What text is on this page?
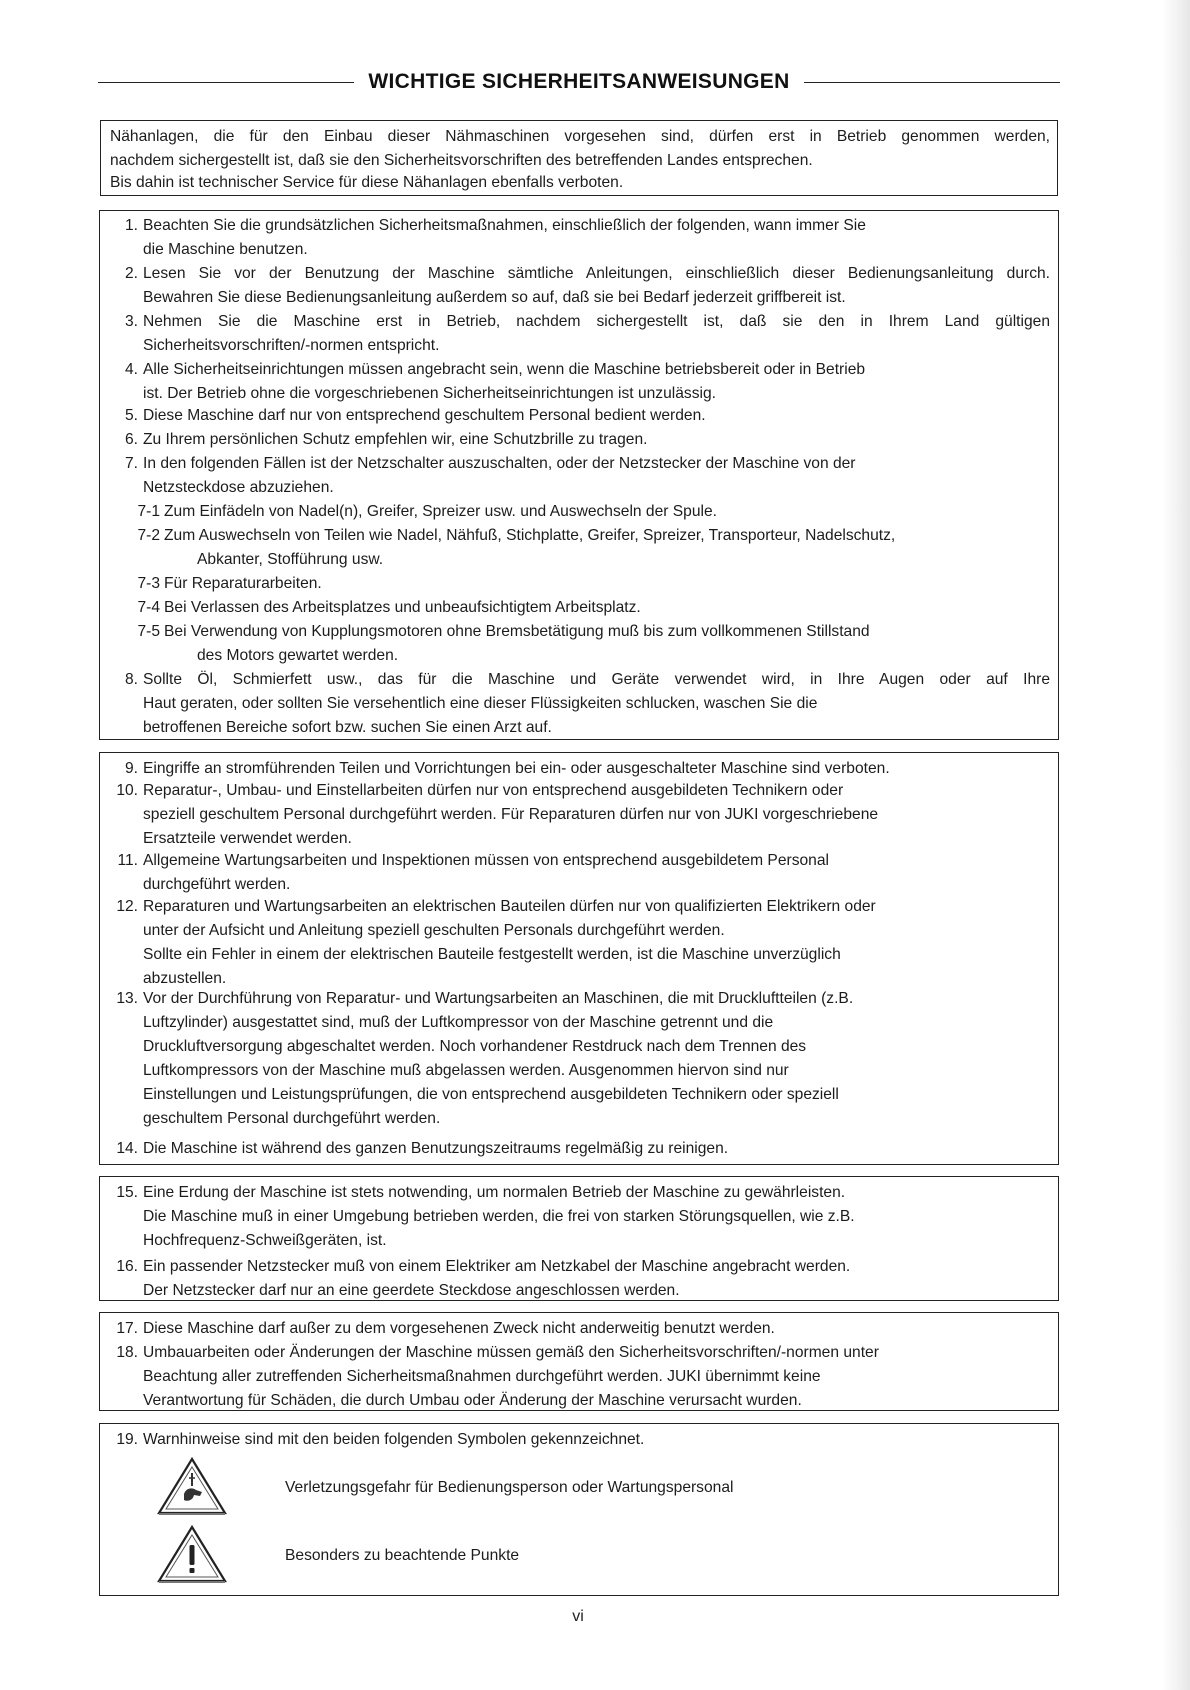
WICHTIGE SICHERHEITSANWEISUNGEN
Nähanlagen, die für den Einbau dieser Nähmaschinen vorgesehen sind, dürfen erst in Betrieb genommen werden,
nachdem sichergestellt ist, daß sie den Sicherheitsvorschriften des betreffenden Landes entsprechen.
Bis dahin ist technischer Service für diese Nähanlagen ebenfalls verboten.
1. Beachten Sie die grundsätzlichen Sicherheitsmaßnahmen, einschließlich der folgenden, wann immer Sie
die Maschine benutzen.
2. Lesen Sie vor der Benutzung der Maschine sämtliche Anleitungen, einschließlich dieser Bedienungsanleitung durch.
Bewahren Sie diese Bedienungsanleitung außerdem so auf, daß sie bei Bedarf jederzeit griffbereit ist.
3. Nehmen Sie die Maschine erst in Betrieb, nachdem sichergestellt ist, daß sie den in Ihrem Land gültigen
Sicherheitsvorschriften/-normen entspricht.
4. Alle Sicherheitseinrichtungen müssen angebracht sein, wenn die Maschine betriebsbereit oder in Betrieb
ist. Der Betrieb ohne die vorgeschriebenen Sicherheitseinrichtungen ist unzulässig.
5. Diese Maschine darf nur von entsprechend geschultem Personal bedient werden.
6. Zu Ihrem persönlichen Schutz empfehlen wir, eine Schutzbrille zu tragen.
7. In den folgenden Fällen ist der Netzschalter auszuschalten, oder der Netzstecker der Maschine von der
Netzsteckdose abzuziehen.
7-1 Zum Einfädeln von Nadel(n), Greifer, Spreizer usw. und Auswechseln der Spule.
7-2 Zum Auswechseln von Teilen wie Nadel, Nähfuß, Stichplatte, Greifer, Spreizer, Transporteur, Nadelschutz,
Abkanter, Stofführung usw.
7-3 Für Reparaturarbeiten.
7-4 Bei Verlassen des Arbeitsplatzes und unbeaufsichtigtem Arbeitsplatz.
7-5 Bei Verwendung von Kupplungsmotoren ohne Bremsbetätigung muß bis zum vollkommenen Stillstand
des Motors gewartet werden.
8. Sollte Öl, Schmierfett usw., das für die Maschine und Geräte verwendet wird, in Ihre Augen oder auf Ihre
Haut geraten, oder sollten Sie versehentlich eine dieser Flüssigkeiten schlucken, waschen Sie die
betroffenen Bereiche sofort bzw. suchen Sie einen Arzt auf.
9. Eingriffe an stromführenden Teilen und Vorrichtungen bei ein- oder ausgeschalteter Maschine sind verboten.
10. Reparatur-, Umbau- und Einstellarbeiten dürfen nur von entsprechend ausgebildeten Technikern oder
speziell geschultem Personal durchgeführt werden. Für Reparaturen dürfen nur von JUKI vorgeschriebene
Ersatzteile verwendet werden.
11. Allgemeine Wartungsarbeiten und Inspektionen müssen von entsprechend ausgebildetem Personal
durchgeführt werden.
12. Reparaturen und Wartungsarbeiten an elektrischen Bauteilen dürfen nur von qualifizierten Elektrikern oder
unter der Aufsicht und Anleitung speziell geschulten Personals durchgeführt werden.
Sollte ein Fehler in einem der elektrischen Bauteile festgestellt werden, ist die Maschine unverzüglich
abzustellen.
13. Vor der Durchführung von Reparatur- und Wartungsarbeiten an Maschinen, die mit Druckluftteilen (z.B.
Luftzylinder) ausgestattet sind, muß der Luftkompressor von der Maschine getrennt und die
Druckluftversorgung abgeschaltet werden. Noch vorhandener Restdruck nach dem Trennen des
Luftkompressors von der Maschine muß abgelassen werden. Ausgenommen hiervon sind nur
Einstellungen und Leistungsprüfungen, die von entsprechend ausgebildeten Technikern oder speziell
geschultem Personal durchgeführt werden.
14. Die Maschine ist während des ganzen Benutzungszeitraums regelmäßig zu reinigen.
15. Eine Erdung der Maschine ist stets notwending, um normalen Betrieb der Maschine zu gewährleisten.
Die Maschine muß in einer Umgebung betrieben werden, die frei von starken Störungsquellen, wie z.B.
Hochfrequenz-Schweißgeräten, ist.
16. Ein passender Netzstecker muß von einem Elektriker am Netzkabel der Maschine angebracht werden.
Der Netzstecker darf nur an eine geerdete Steckdose angeschlossen werden.
17. Diese Maschine darf außer zu dem vorgesehenen Zweck nicht anderweitig benutzt werden.
18. Umbauarbeiten oder Änderungen der Maschine müssen gemäß den Sicherheitsvorschriften/-normen unter
Beachtung aller zutreffenden Sicherheitsmaßnahmen durchgeführt werden. JUKI übernimmt keine
Verantwortung für Schäden, die durch Umbau oder Änderung der Maschine verursacht wurden.
19. Warnhinweise sind mit den beiden folgenden Symbolen gekennzeichnet.
Verletzungsgefahr für Bedienungsperson oder Wartungspersonal
Besonders zu beachtende Punkte
vi
